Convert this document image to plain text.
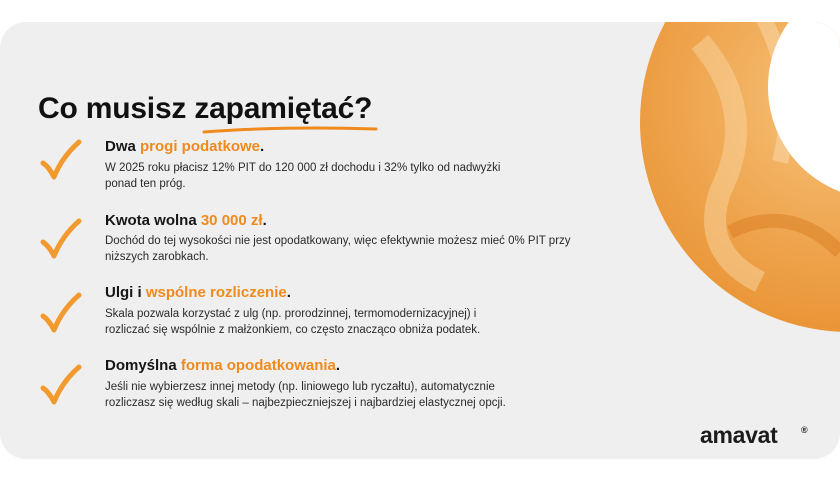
Co musisz zapamiętać?
Dwa progi podatkowe.
W 2025 roku płacisz 12% PIT do 120 000 zł dochodu i 32% tylko od nadwyżki
ponad ten próg.
Kwota wolna 30 000 zł.
Dochód do tej wysokości nie jest opodatkowany, więc efektywnie możesz mieć 0% PIT przy
niższych zarobkach.
Ulgi i wspólne rozliczenie.
Skala pozwala korzystać z ulg (np. prorodzinnej, termomodernizacyjnej) i
rozliczać się wspólnie z małżonkiem, co często znacząco obniża podatek.
Domyślna forma opodatkowania.
Jeśli nie wybierzesz innej metody (np. liniowego lub ryczałtu), automatycznie
rozliczasz się według skali – najbezpieczniejszej i najbardziej elastycznej opcji.
amavat	®
